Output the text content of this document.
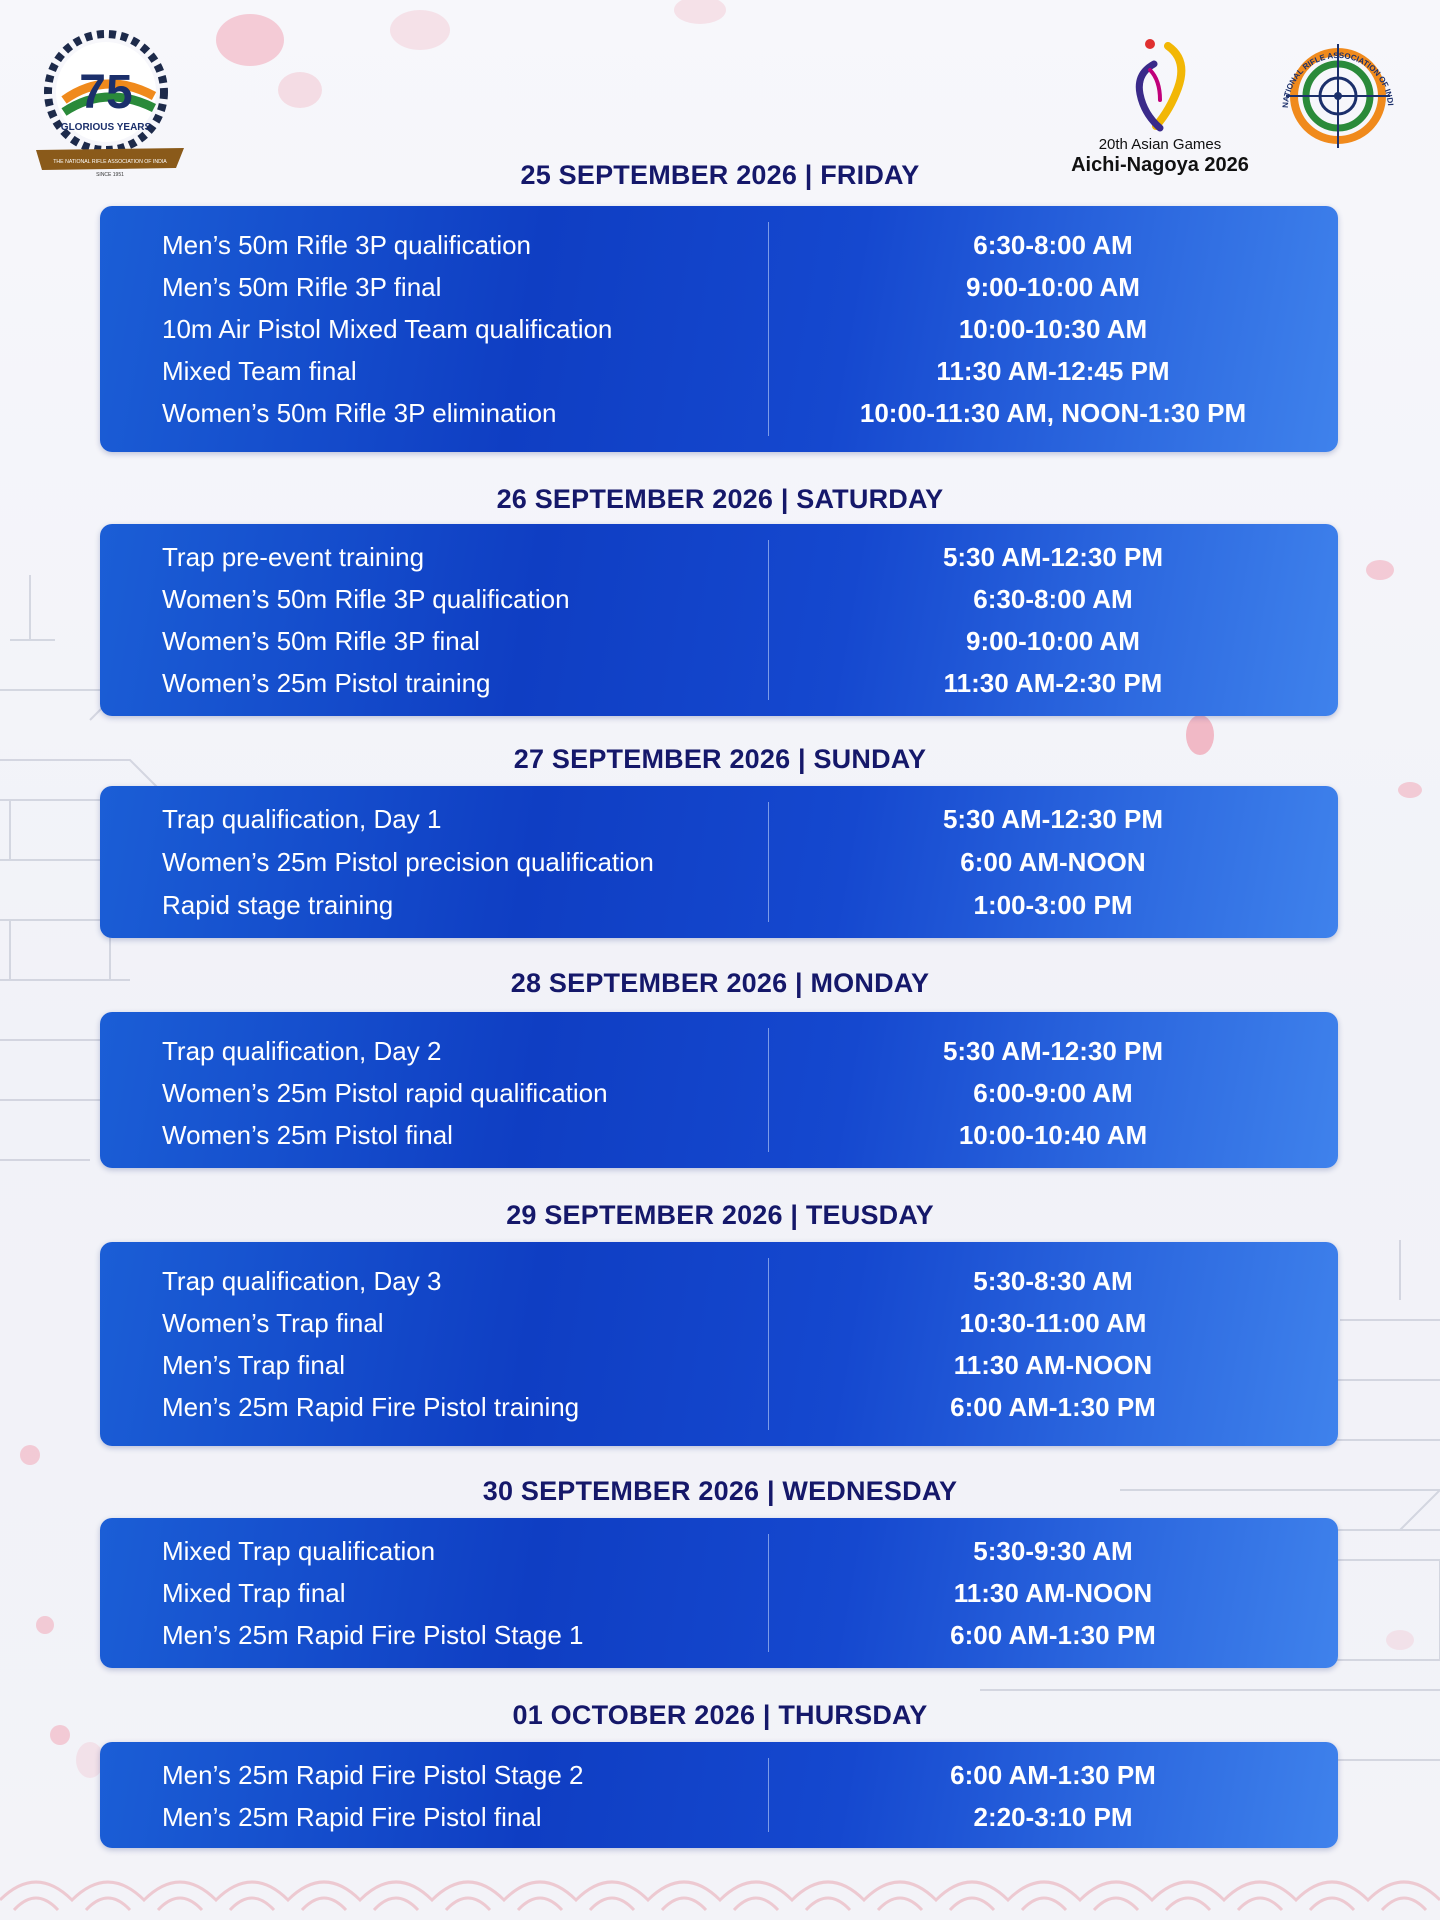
75
GLORIOUS YEARS
THE NATIONAL RIFLE ASSOCIATION OF INDIA
SINCE 1951
20th Asian Games
Aichi-Nagoya 2026
NATIONAL RIFLE ASSOCIATION OF INDI
25 SEPTEMBER 2026 | FRIDAY
Men’s 50m Rifle 3P qualification	6:30-8:00 AM
Men’s 50m Rifle 3P final	9:00-10:00 AM
10m Air Pistol Mixed Team qualification	10:00-10:30 AM
Mixed Team final	11:30 AM-12:45 PM
Women’s 50m Rifle 3P elimination	10:00-11:30 AM, NOON-1:30 PM
26 SEPTEMBER 2026 | SATURDAY
Trap pre-event training	5:30 AM-12:30 PM
Women’s 50m Rifle 3P qualification	6:30-8:00 AM
Women’s 50m Rifle 3P final	9:00-10:00 AM
Women’s 25m Pistol training	11:30 AM-2:30 PM
27 SEPTEMBER 2026 | SUNDAY
Trap qualification, Day 1	5:30 AM-12:30 PM
Women’s 25m Pistol precision qualification	6:00 AM-NOON
Rapid stage training	1:00-3:00 PM
28 SEPTEMBER 2026 | MONDAY
Trap qualification, Day 2	5:30 AM-12:30 PM
Women’s 25m Pistol rapid qualification	6:00-9:00 AM
Women’s 25m Pistol final	10:00-10:40 AM
29 SEPTEMBER 2026 | TEUSDAY
Trap qualification, Day 3	5:30-8:30 AM
Women’s Trap final	10:30-11:00 AM
Men’s Trap final	11:30 AM-NOON
Men’s 25m Rapid Fire Pistol training	6:00 AM-1:30 PM
30 SEPTEMBER 2026 | WEDNESDAY
Mixed Trap qualification	5:30-9:30 AM
Mixed Trap final	11:30 AM-NOON
Men’s 25m Rapid Fire Pistol Stage 1	6:00 AM-1:30 PM
01 OCTOBER 2026 | THURSDAY
Men’s 25m Rapid Fire Pistol Stage 2	6:00 AM-1:30 PM
Men’s 25m Rapid Fire Pistol final	2:20-3:10 PM
